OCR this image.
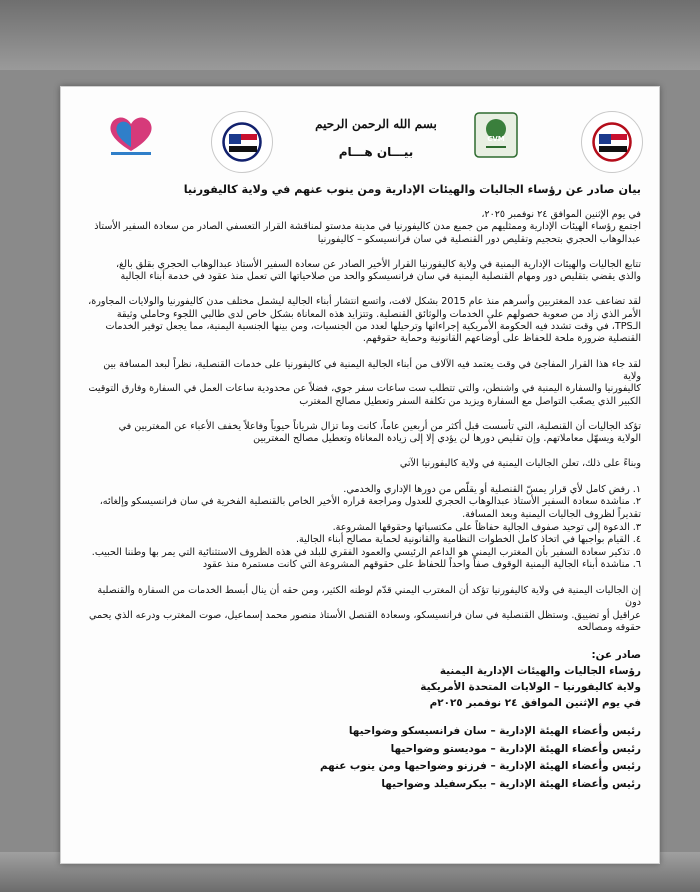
CVM
بسم الله الرحمن الرحيم
بيـــان هـــام
بيان صادر عن رؤساء الجاليات والهيئات الإدارية ومن ينوب عنهم في ولاية كاليفورنيا

في يوم الإثنين الموافق ٢٤ نوفمبر ٢٠٢٥،

اجتمع رؤساء الهيئات الإدارية وممثليهم من جميع مدن كاليفورنيا في مدينة مدستو لمناقشة القرار التعسفي الصادر من سعادة السفير الأستاذ

عبدالوهاب الحجري بتحجيم وتقليص دور القنصلية في سان فرانسيسكو – كاليفورنيا

تتابع الجاليات والهيئات الإدارية اليمنية في ولاية كاليفورنيا القرار الأخير الصادر عن سعادة السفير الأستاذ عبدالوهاب الحجري بقلق بالغ،

والذي يقضي بتقليص دور ومهام القنصلية اليمنية في سان فرانسيسكو والحد من صلاحياتها التي تعمل منذ عقود في خدمة أبناء الجالية

لقد تضاعف عدد المغتربين وأسرهم منذ عام 2015 بشكل لافت، واتسع انتشار أبناء الجالية ليشمل مختلف مدن كاليفورنيا والولايات المجاورة،

الأمر الذي زاد من صعوبة حصولهم على الخدمات والوثائق القنصلية. وتتزايد هذه المعاناة بشكل خاص لدى طالبي اللجوء وحاملي وثيقة

الـTPS، في وقت تشدد فيه الحكومة الأمريكية إجراءاتها وترحيلها لعدد من الجنسيات، ومن بينها الجنسية اليمنية، مما يجعل توفير الخدمات

القنصلية ضرورة ملحة للحفاظ على أوضاعهم القانونية وحماية حقوقهم.

لقد جاء هذا القرار المفاجئ في وقت يعتمد فيه الآلاف من أبناء الجالية اليمنية في كاليفورنيا على خدمات القنصلية، نظراً لبعد المسافة بين ولاية

كاليفورنيا والسفارة اليمنية في واشنطن، والتي تتطلب ست ساعات سفر جوي، فضلاً عن محدودية ساعات العمل في السفارة وفارق التوقيت

الكبير الذي يصعّب التواصل مع السفارة ويزيد من تكلفة السفر وتعطيل مصالح المغترب

تؤكد الجاليات أن القنصلية، التي تأسست قبل أكثر من أربعين عاماً، كانت وما تزال شرياناً حيوياً وفاعلاً يخفف الأعباء عن المغتربين في

الولاية ويسهّل معاملاتهم. وإن تقليص دورها لن يؤدي إلا إلى زيادة المعاناة وتعطيل مصالح المغتربين

وبناءً على ذلك، تعلن الجاليات اليمنية في ولاية كاليفورنيا الآتي

١. رفض كامل لأي قرار يمسّ القنصلية أو يقلّص من دورها الإداري والخدمي.

٢. مناشدة سعادة السفير الأستاذ عبدالوهاب الحجري للعدول ومراجعة قراره الأخير الخاص بالقنصلية الفخرية في سان فرانسيسكو وإلغائه،

تقديراً لظروف الجاليات اليمنية وبعد المسافة.

٣. الدعوة إلى توحيد صفوف الجالية حفاظاً على مكتسباتها وحقوقها المشروعة.

٤. القيام بواجبها في اتخاذ كامل الخطوات النظامية والقانونية لحماية مصالح أبناء الجالية.

٥. تذكير سعادة السفير بأن المغترب اليمني هو الداعم الرئيسي والعمود الفقري للبلد في هذه الظروف الاستثنائية التي يمر بها وطننا الحبيب.

٦. مناشدة أبناء الجالية اليمنية الوقوف صفاً واحداً للحفاظ على حقوقهم المشروعة التي كانت مستمرة منذ عقود

إن الجاليات اليمنية في ولاية كاليفورنيا تؤكد أن المغترب اليمني قدّم لوطنه الكثير، ومن حقه أن ينال أبسط الخدمات من السفارة والقنصلية دون

عراقيل أو تضييق. وستظل القنصلية في سان فرانسيسكو، وسعادة القنصل الأستاذ منصور محمد إسماعيل، صوت المغترب ودرعه الذي يحمي

حقوقه ومصالحه

صادر عن:

رؤساء الجاليات والهيئات الإدارية اليمنية

ولاية كاليفورنيا – الولايات المتحدة الأمريكية

في يوم الإثنين الموافق ٢٤ نوفمبر ٢٠٢٥م

رئيس وأعضاء الهيئة الإدارية – سان فرانسيسكو وضواحيها

رئيس وأعضاء الهيئة الإدارية – موديستو وضواحيها

رئيس وأعضاء الهيئة الإدارية – فرزنو وضواحيها ومن ينوب عنهم

رئيس وأعضاء الهيئة الإدارية – بيكرسفيلد وضواحيها
